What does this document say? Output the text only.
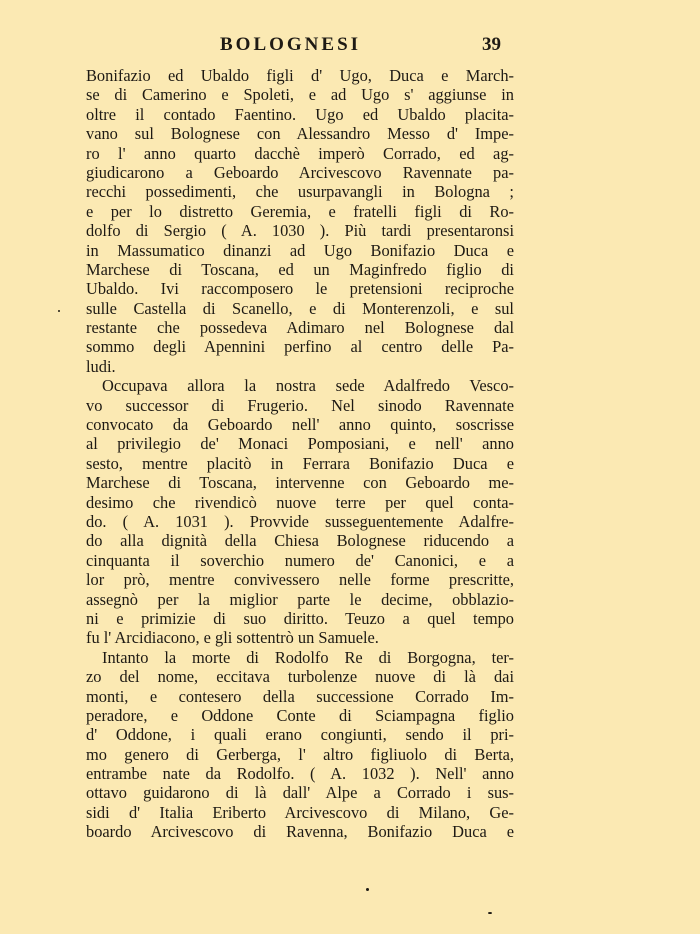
BOLOGNESI	39
Bonifazio ed Ubaldo figli d' Ugo, Duca e March-
se di Camerino e Spoleti, e ad Ugo s' aggiunse in
oltre il contado Faentino. Ugo ed Ubaldo placita-
vano sul Bolognese con Alessandro Messo d' Impe-
ro l' anno quarto dacchè imperò Corrado, ed ag-
giudicarono a Geboardo Arcivescovo Ravennate pa-
recchi possedimenti, che usurpavangli in Bologna ;
e per lo distretto Geremia, e fratelli figli di Ro-
dolfo di Sergio ( A. 1030 ). Più tardi presentaronsi
in Massumatico dinanzi ad Ugo Bonifazio Duca e
Marchese di Toscana, ed un Maginfredo figlio di
Ubaldo. Ivi raccomposero le pretensioni reciproche
sulle Castella di Scanello, e di Monterenzoli, e sul
restante che possedeva Adimaro nel Bolognese dal
sommo degli Apennini perfino al centro delle Pa-
ludi.
Occupava allora la nostra sede Adalfredo Vesco-
vo successor di Frugerio. Nel sinodo Ravennate
convocato da Geboardo nell' anno quinto, soscrisse
al privilegio de' Monaci Pomposiani, e nell' anno
sesto, mentre placitò in Ferrara Bonifazio Duca e
Marchese di Toscana, intervenne con Geboardo me-
desimo che rivendicò nuove terre per quel conta-
do. ( A. 1031 ). Provvide susseguentemente Adalfre-
do alla dignità della Chiesa Bolognese riducendo a
cinquanta il soverchio numero de' Canonici, e a
lor prò, mentre convivessero nelle forme prescritte,
assegnò per la miglior parte le decime, obblazio-
ni e primizie di suo diritto. Teuzo a quel tempo
fu l' Arcidiacono, e gli sottentrò un Samuele.
Intanto la morte di Rodolfo Re di Borgogna, ter-
zo del nome, eccitava turbolenze nuove di là dai
monti, e contesero della successione Corrado Im-
peradore, e Oddone Conte di Sciampagna figlio
d' Oddone, i quali erano congiunti, sendo il pri-
mo genero di Gerberga, l' altro figliuolo di Berta,
entrambe nate da Rodolfo. ( A. 1032 ). Nell' anno
ottavo guidarono di là dall' Alpe a Corrado i sus-
sidi d' Italia Eriberto Arcivescovo di Milano, Ge-
boardo Arcivescovo di Ravenna, Bonifazio Duca e
